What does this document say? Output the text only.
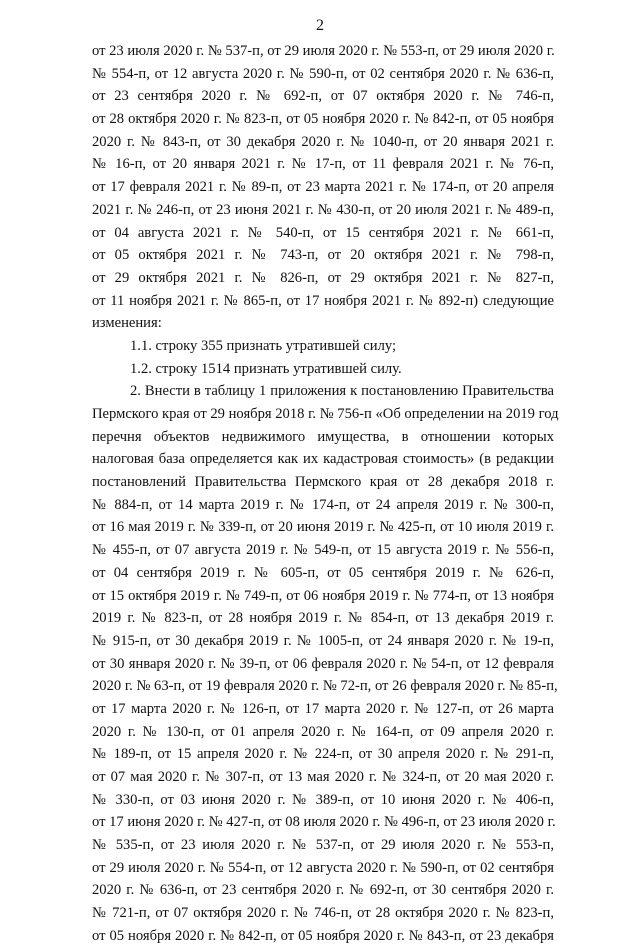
2
от 23 июля 2020 г. № 537-п, от 29 июля 2020 г. № 553-п, от 29 июля 2020 г.
№ 554-п, от 12 августа 2020 г. № 590-п, от 02 сентября 2020 г. № 636-п,
от 23 сентября 2020 г. № 692-п, от 07 октября 2020 г. № 746-п,
от 28 октября 2020 г. № 823-п, от 05 ноября 2020 г. № 842-п, от 05 ноября
2020 г. № 843-п, от 30 декабря 2020 г. № 1040-п, от 20 января 2021 г.
№ 16-п, от 20 января 2021 г. № 17-п, от 11 февраля 2021 г. № 76-п,
от 17 февраля 2021 г. № 89-п, от 23 марта 2021 г. № 174-п, от 20 апреля
2021 г. № 246-п, от 23 июня 2021 г. № 430-п, от 20 июля 2021 г. № 489-п,
от 04 августа 2021 г. № 540-п, от 15 сентября 2021 г. № 661-п,
от 05 октября 2021 г. № 743-п, от 20 октября 2021 г. № 798-п,
от 29 октября 2021 г. № 826-п, от 29 октября 2021 г. № 827-п,
от 11 ноября 2021 г. № 865-п, от 17 ноября 2021 г. № 892-п) следующие
изменения:
1.1. строку 355 признать утратившей силу;
1.2. строку 1514 признать утратившей силу.
2. Внести в таблицу 1 приложения к постановлению Правительства
Пермского края от 29 ноября 2018 г. № 756-п «Об определении на 2019 год
перечня объектов недвижимого имущества, в отношении которых
налоговая база определяется как их кадастровая стоимость» (в редакции
постановлений Правительства Пермского края от 28 декабря 2018 г.
№ 884-п, от 14 марта 2019 г. № 174-п, от 24 апреля 2019 г. № 300-п,
от 16 мая 2019 г. № 339-п, от 20 июня 2019 г. № 425-п, от 10 июля 2019 г.
№ 455-п, от 07 августа 2019 г. № 549-п, от 15 августа 2019 г. № 556-п,
от 04 сентября 2019 г. № 605-п, от 05 сентября 2019 г. № 626-п,
от 15 октября 2019 г. № 749-п, от 06 ноября 2019 г. № 774-п, от 13 ноября
2019 г. № 823-п, от 28 ноября 2019 г. № 854-п, от 13 декабря 2019 г.
№ 915-п, от 30 декабря 2019 г. № 1005-п, от 24 января 2020 г. № 19-п,
от 30 января 2020 г. № 39-п, от 06 февраля 2020 г. № 54-п, от 12 февраля
2020 г. № 63-п, от 19 февраля 2020 г. № 72-п, от 26 февраля 2020 г. № 85-п,
от 17 марта 2020 г. № 126-п, от 17 марта 2020 г. № 127-п, от 26 марта
2020 г. № 130-п, от 01 апреля 2020 г. № 164-п, от 09 апреля 2020 г.
№ 189-п, от 15 апреля 2020 г. № 224-п, от 30 апреля 2020 г. № 291-п,
от 07 мая 2020 г. № 307-п, от 13 мая 2020 г. № 324-п, от 20 мая 2020 г.
№ 330-п, от 03 июня 2020 г. № 389-п, от 10 июня 2020 г. № 406-п,
от 17 июня 2020 г. № 427-п, от 08 июля 2020 г. № 496-п, от 23 июля 2020 г.
№ 535-п, от 23 июля 2020 г. № 537-п, от 29 июля 2020 г. № 553-п,
от 29 июля 2020 г. № 554-п, от 12 августа 2020 г. № 590-п, от 02 сентября
2020 г. № 636-п, от 23 сентября 2020 г. № 692-п, от 30 сентября 2020 г.
№ 721-п, от 07 октября 2020 г. № 746-п, от 28 октября 2020 г. № 823-п,
от 05 ноября 2020 г. № 842-п, от 05 ноября 2020 г. № 843-п, от 23 декабря
